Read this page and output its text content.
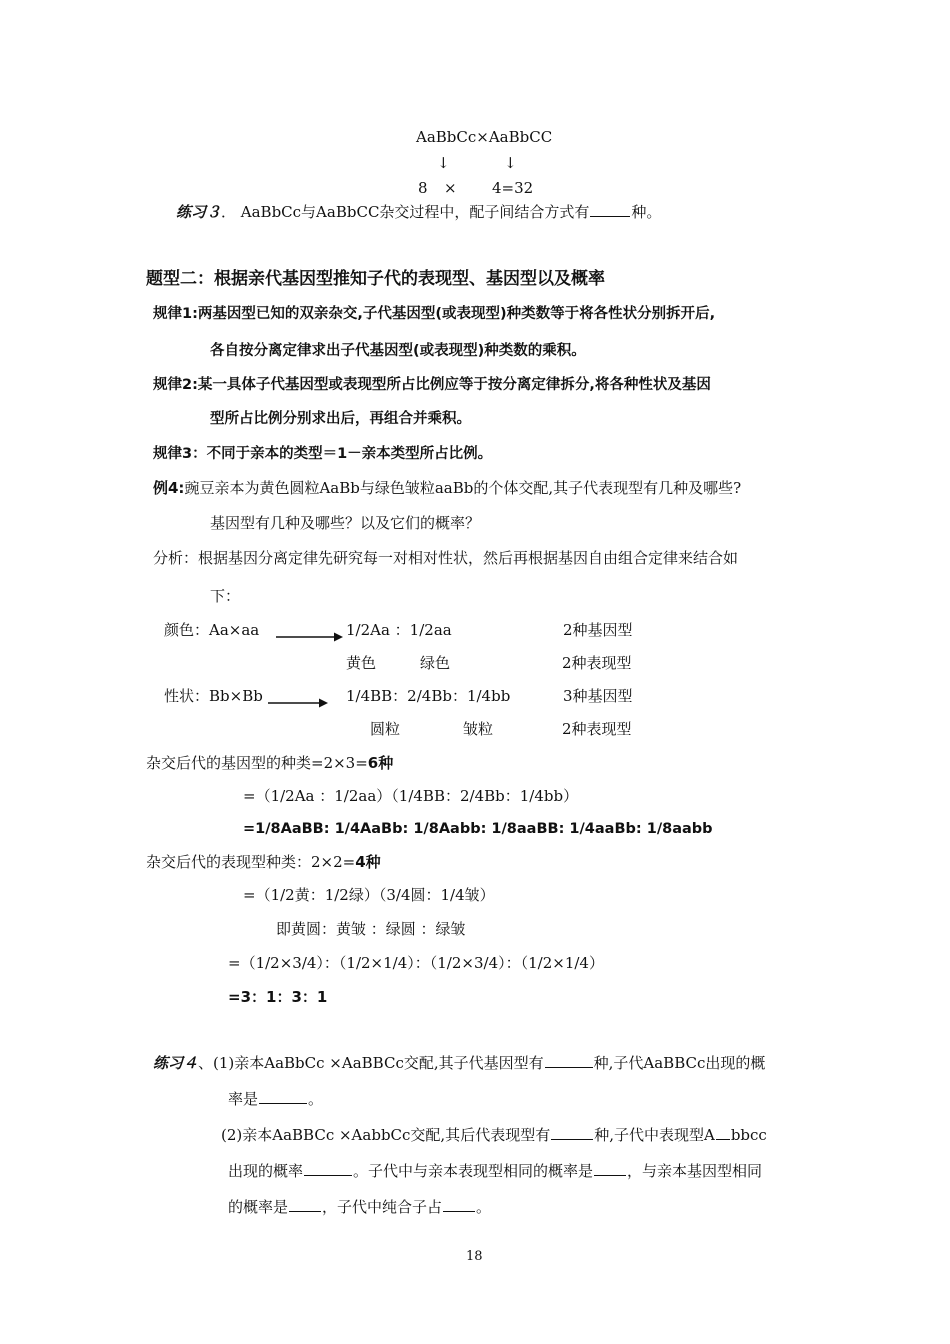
AaBbCc×AaBbCC
↓	↓
8 × 4=32
练习３． AaBbCc与AaBbCC杂交过程中，配子间结合方式有	种。
题型二：根据亲代基因型推知子代的表现型、基因型以及概率
规律1:两基因型已知的双亲杂交,子代基因型(或表现型)种类数等于将各性状分别拆开后,
各自按分离定律求出子代基因型(或表现型)种类数的乘积。
规律2:某一具体子代基因型或表现型所占比例应等于按分离定律拆分,将各种性状及基因
型所占比例分别求出后，再组合并乘积。
规律3：不同于亲本的类型＝1－亲本类型所占比例。
例4:豌豆亲本为黄色圆粒AaBb与绿色皱粒aaBb的个体交配,其子代表现型有几种及哪些?
基因型有几种及哪些？以及它们的概率？
分析：根据基因分离定律先研究每一对相对性状，然后再根据基因自由组合定律来结合如
下：
颜色：Aa×aa	1/2Aa ：1/2aa	2种基因型
黄色	绿色	2种表现型
性状：Bb×Bb	1/4BB：2/4Bb：1/4bb	3种基因型
圆粒	皱粒	2种表现型
杂交后代的基因型的种类=2×3=6种
=（1/2Aa ：1/2aa）（1/4BB：2/4Bb：1/4bb）
=1/8AaBB: 1/4AaBb: 1/8Aabb: 1/8aaBB: 1/4aaBb: 1/8aabb
杂交后代的表现型种类：2×2=4种
=（1/2黄：1/2绿）（3/4圆：1/4皱）
即黄圆：黄皱 ：绿圆 ：绿皱
=（1/2×3/4）：（1/2×1/4）：（1/2×3/4）：（1/2×1/4）
=3：1：3：1
练习４、(1)亲本AaBbCc ×AaBBCc交配,其子代基因型有	种,子代AaBBCc出现的概
率是	。
(2)亲本AaBBCc ×AabbCc交配,其后代表现型有	种,子代中表现型A bbcc
出现的概率	。子代中与亲本表现型相同的概率是 ，与亲本基因型相同
的概率是 ，子代中纯合子占 。
18
